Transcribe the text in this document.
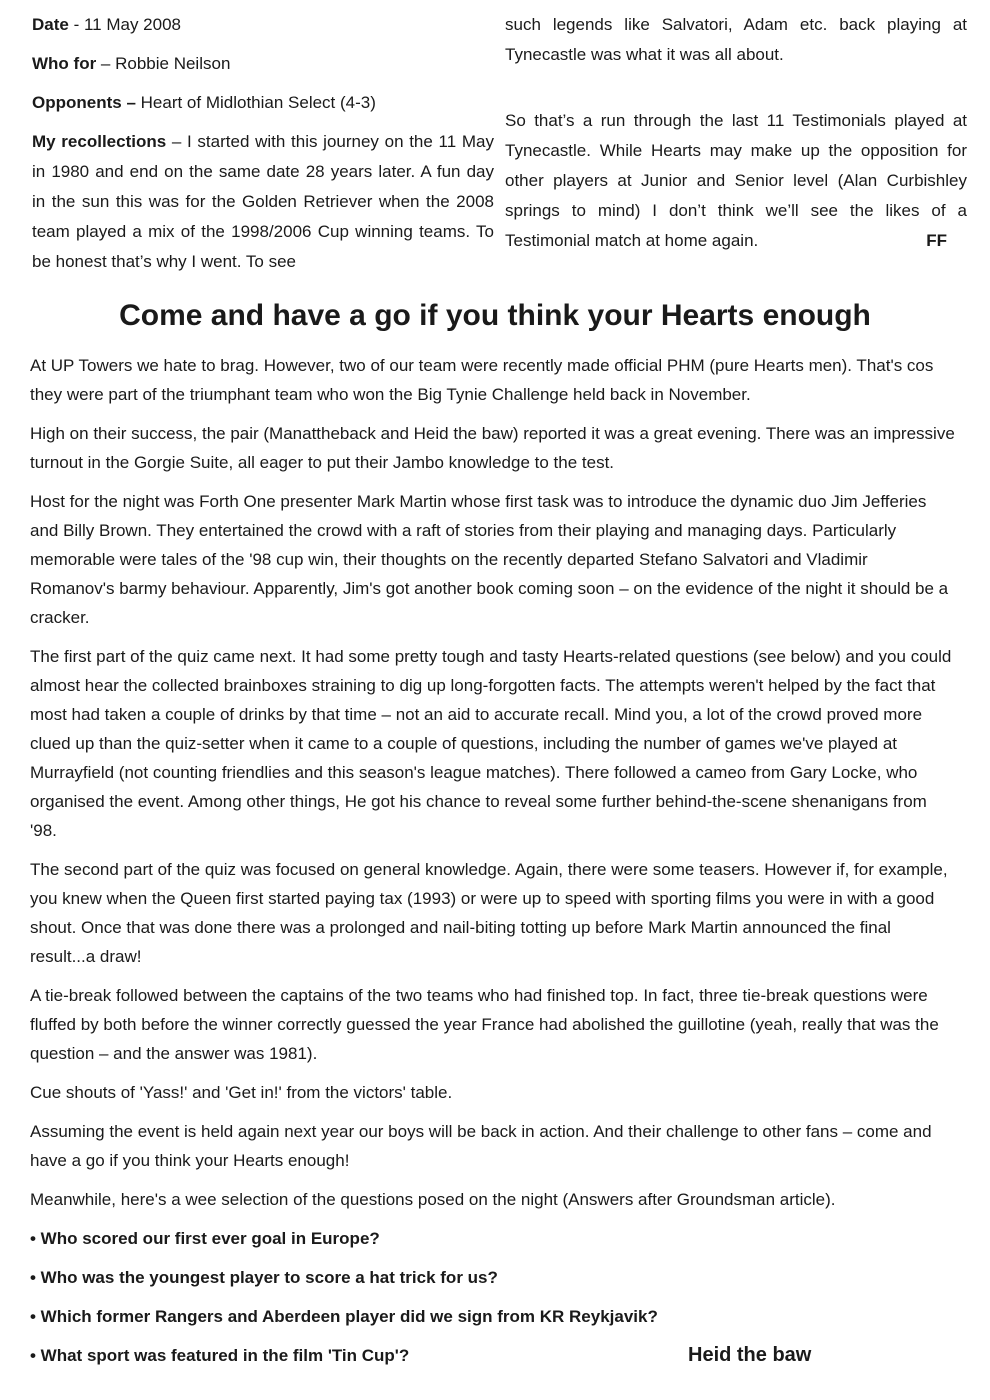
Date - 11 May 2008

Who for – Robbie Neilson

Opponents – Heart of Midlothian Select (4-3)

My recollections – I started with this journey on the 11 May in 1980 and end on the same date 28 years later. A fun day in the sun this was for the Golden Retriever when the 2008 team played a mix of the 1998/2006 Cup winning teams. To be honest that’s why I went. To see

such legends like Salvatori, Adam etc. back playing at Tynecastle was what it was all about.

So that’s a run through the last 11 Testimonials played at Tynecastle. While Hearts may make up the opposition for other players at Junior and Senior level (Alan Curbishley springs to mind) I don’t think we’ll see the likes of a Testimonial match at home again.	FF

Come and have a go if you think your Hearts enough

At UP Towers we hate to brag. However, two of our team were recently made official PHM (pure Hearts men). That's cos they were part of the triumphant team who won the Big Tynie Challenge held back in November.

High on their success, the pair (Manattheback and Heid the baw) reported it was a great evening. There was an impressive turnout in the Gorgie Suite, all eager to put their Jambo knowledge to the test.

Host for the night was Forth One presenter Mark Martin whose first task was to introduce the dynamic duo Jim Jefferies and Billy Brown. They entertained the crowd with a raft of stories from their playing and managing days. Particularly memorable were tales of the '98 cup win, their thoughts on the recently departed Stefano Salvatori and Vladimir Romanov's barmy behaviour. Apparently, Jim's got another book coming soon – on the evidence of the night it should be a cracker.

The first part of the quiz came next. It had some pretty tough and tasty Hearts-related questions (see below) and you could almost hear the collected brainboxes straining to dig up long-forgotten facts. The attempts weren't helped by the fact that most had taken a couple of drinks by that time – not an aid to accurate recall. Mind you, a lot of the crowd proved more clued up than the quiz-setter when it came to a couple of questions, including the number of games we've played at Murrayfield (not counting friendlies and this season's league matches). There followed a cameo from Gary Locke, who organised the event. Among other things, He got his chance to reveal some further behind-the-scene shenanigans from '98.

The second part of the quiz was focused on general knowledge. Again, there were some teasers. However if, for example, you knew when the Queen first started paying tax (1993) or were up to speed with sporting films you were in with a good shout. Once that was done there was a prolonged and nail-biting totting up before Mark Martin announced the final result...a draw!

A tie-break followed between the captains of the two teams who had finished top. In fact, three tie-break questions were fluffed by both before the winner correctly guessed the year France had abolished the guillotine (yeah, really that was the question – and the answer was 1981).

Cue shouts of 'Yass!' and 'Get in!' from the victors' table.

Assuming the event is held again next year our boys will be back in action. And their challenge to other fans – come and have a go if you think your Hearts enough!

Meanwhile, here's a wee selection of the questions posed on the night (Answers after Groundsman article).

• Who scored our first ever goal in Europe?

• Who was the youngest player to score a hat trick for us?

• Which former Rangers and Aberdeen player did we sign from KR Reykjavik?

• What sport was featured in the film 'Tin Cup'?	Heid the baw
